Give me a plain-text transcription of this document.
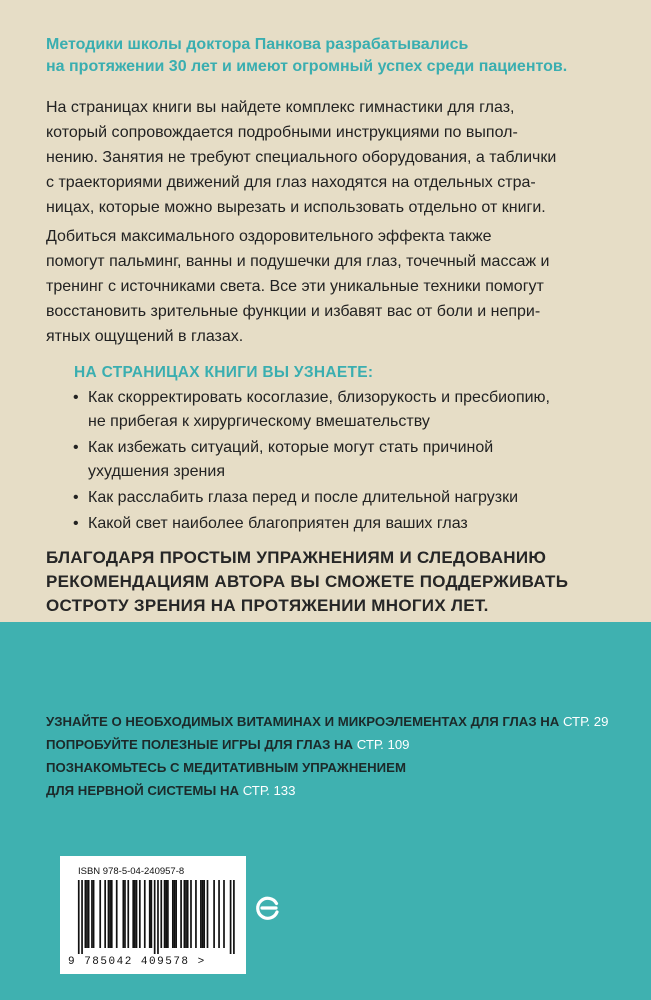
Методики школы доктора Панкова разрабатывались
на протяжении 30 лет и имеют огромный успех среди пациентов.

На страницах книги вы найдете комплекс гимнастики для глаз,
который сопровождается подробными инструкциями по выпол-
нению. Занятия не требуют специального оборудования, а таблички
с траекториями движений для глаз находятся на отдельных стра-
ницах, которые можно вырезать и использовать отдельно от книги.

Добиться максимального оздоровительного эффекта также
помогут пальминг, ванны и подушечки для глаз, точечный массаж и
тренинг с источниками света. Все эти уникальные техники помогут
восстановить зрительные функции и избавят вас от боли и непри-
ятных ощущений в глазах.

НА СТРАНИЦАХ КНИГИ ВЫ УЗНАЕТЕ:

• Как скорректировать косоглазие, близорукость и пресбиопию,
не прибегая к хирургическому вмешательству
• Как избежать ситуаций, которые могут стать причиной
ухудшения зрения
• Как расслабить глаза перед и после длительной нагрузки
• Какой свет наиболее благоприятен для ваших глаз

БЛАГОДАРЯ ПРОСТЫМ УПРАЖНЕНИЯМ И СЛЕДОВАНИЮ
РЕКОМЕНДАЦИЯМ АВТОРА ВЫ СМОЖЕТЕ ПОДДЕРЖИВАТЬ
ОСТРОТУ ЗРЕНИЯ НА ПРОТЯЖЕНИИ МНОГИХ ЛЕТ.

УЗНАЙТЕ О НЕОБХОДИМЫХ ВИТАМИНАХ И МИКРОЭЛЕМЕНТАХ ДЛЯ ГЛАЗ НА СТР. 29
ПОПРОБУЙТЕ ПОЛЕЗНЫЕ ИГРЫ ДЛЯ ГЛАЗ НА СТР. 109
ПОЗНАКОМЬТЕСЬ С МЕДИТАТИВНЫМ УПРАЖНЕНИЕМ
ДЛЯ НЕРВНОЙ СИСТЕМЫ НА СТР. 133

ISBN 978-5-04-240957-8
9 785042 409578 >
